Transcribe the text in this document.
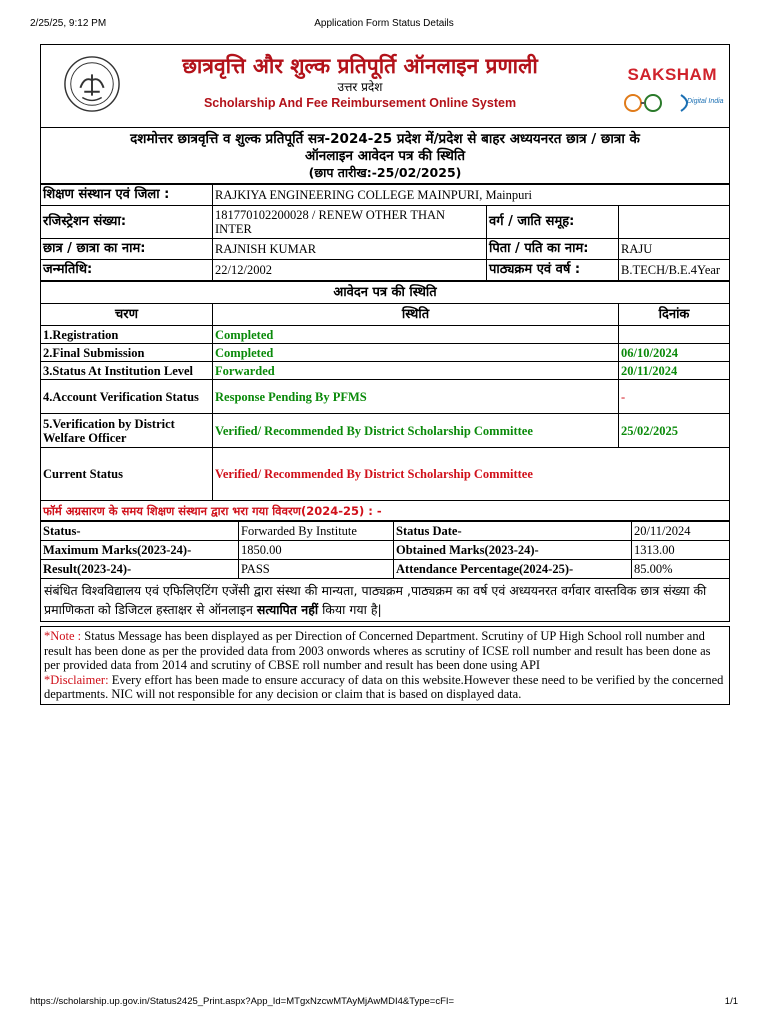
2/25/25, 9:12 PM	Application Form Status Details
छात्रवृत्ति और शुल्क प्रतिपूर्ति ऑनलाइन प्रणाली
उत्तर प्रदेश
Scholarship And Fee Reimbursement Online System
SAKSHAM
Digital India
दशमोत्तर छात्रवृत्ति व शुल्क प्रतिपूर्ति सत्र-2024-25 प्रदेश में/प्रदेश से बाहर अध्ययनरत छात्र / छात्रा के
ऑनलाइन आवेदन पत्र की स्थिति
(छाप तारीख:-25/02/2025)
शिक्षण संस्थान एवं जिला :	RAJKIYA ENGINEERING COLLEGE MAINPURI, Mainpuri		
रजिस्ट्रेशन संख्या:	181770102200028 / RENEW OTHER THAN INTER	वर्ग / जाति समूह:	
छात्र / छात्रा का नाम:	RAJNISH KUMAR	पिता / पति का नाम:	RAJU
जन्मतिथि:	22/12/2002	पाठ्यक्रम एवं वर्ष :	B.TECH/B.E.4Year
आवेदन पत्र की स्थिति		
चरण	स्थिति	दिनांक
1.Registration	Completed	
2.Final Submission	Completed	06/10/2024
3.Status At Institution Level	Forwarded	20/11/2024
4.Account Verification Status	Response Pending By PFMS	-
5.Verification by District Welfare Officer	Verified/ Recommended By District Scholarship Committee	25/02/2025
Current Status	Verified/ Recommended By District Scholarship Committee	
फॉर्म अग्रसारण के समय शिक्षण संस्थान द्वारा भरा गया विवरण(2024-25) : -		
Status-	Forwarded By Institute	Status Date-	20/11/2024
Maximum Marks(2023-24)-	1850.00	Obtained Marks(2023-24)-	1313.00
Result(2023-24)-	PASS	Attendance Percentage(2024-25)-	85.00%
संबंधित विश्वविद्यालय एवं एफिलिएटिंग एजेंसी द्वारा संस्था की मान्यता, पाठ्यक्रम ,पाठ्यक्रम का वर्ष एवं अध्ययनरत वर्गवार वास्तविक छात्र संख्या की प्रमाणिकता को डिजिटल हस्ताक्षर से ऑनलाइन सत्यापित नहीं किया गया है|
*Note : Status Message has been displayed as per Direction of Concerned Department. Scrutiny of UP High School roll number and result has been done as per the provided data from 2003 onwords wheres as scrutiny of ICSE roll number and result has been done as per provided data from 2014 and scrutiny of CBSE roll number and result has been done using API
*Disclaimer: Every effort has been made to ensure accuracy of data on this website.However these need to be verified by the concerned departments. NIC will not responsible for any decision or claim that is based on displayed data.
https://scholarship.up.gov.in/Status2425_Print.aspx?App_Id=MTgxNzcwMTAyMjAwMDI4&Type=cFI=	1/1
